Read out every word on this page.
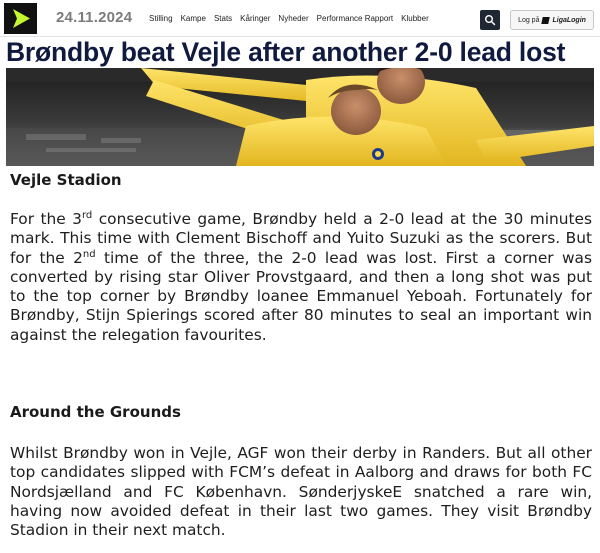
24.11.2024 Stilling Kampe Stats Kåringer Nyheder Performance Rapport Klubber	Log på LigaLogin
Brøndby beat Vejle after another 2-0 lead lost
Vejle Stadion

For the 3rd consecutive game, Brøndby held a 2-0 lead at the 30 minutes mark. This time with Clement Bischoff and Yuito Suzuki as the scorers. But for the 2nd time of the three, the 2-0 lead was lost. First a corner was converted by rising star Oliver Provstgaard, and then a long shot was put to the top corner by Brøndby loanee Emmanuel Yeboah. Fortunately for Brøndby, Stijn Spierings scored after 80 minutes to seal an important win against the relegation favourites.

Around the Grounds

Whilst Brøndby won in Vejle, AGF won their derby in Randers. But all other top candidates slipped with FCM’s defeat in Aalborg and draws for both FC Nordsjælland and FC København. SønderjyskeE snatched a rare win, having now avoided defeat in their last two games. They visit Brøndby Stadion in their next match.
